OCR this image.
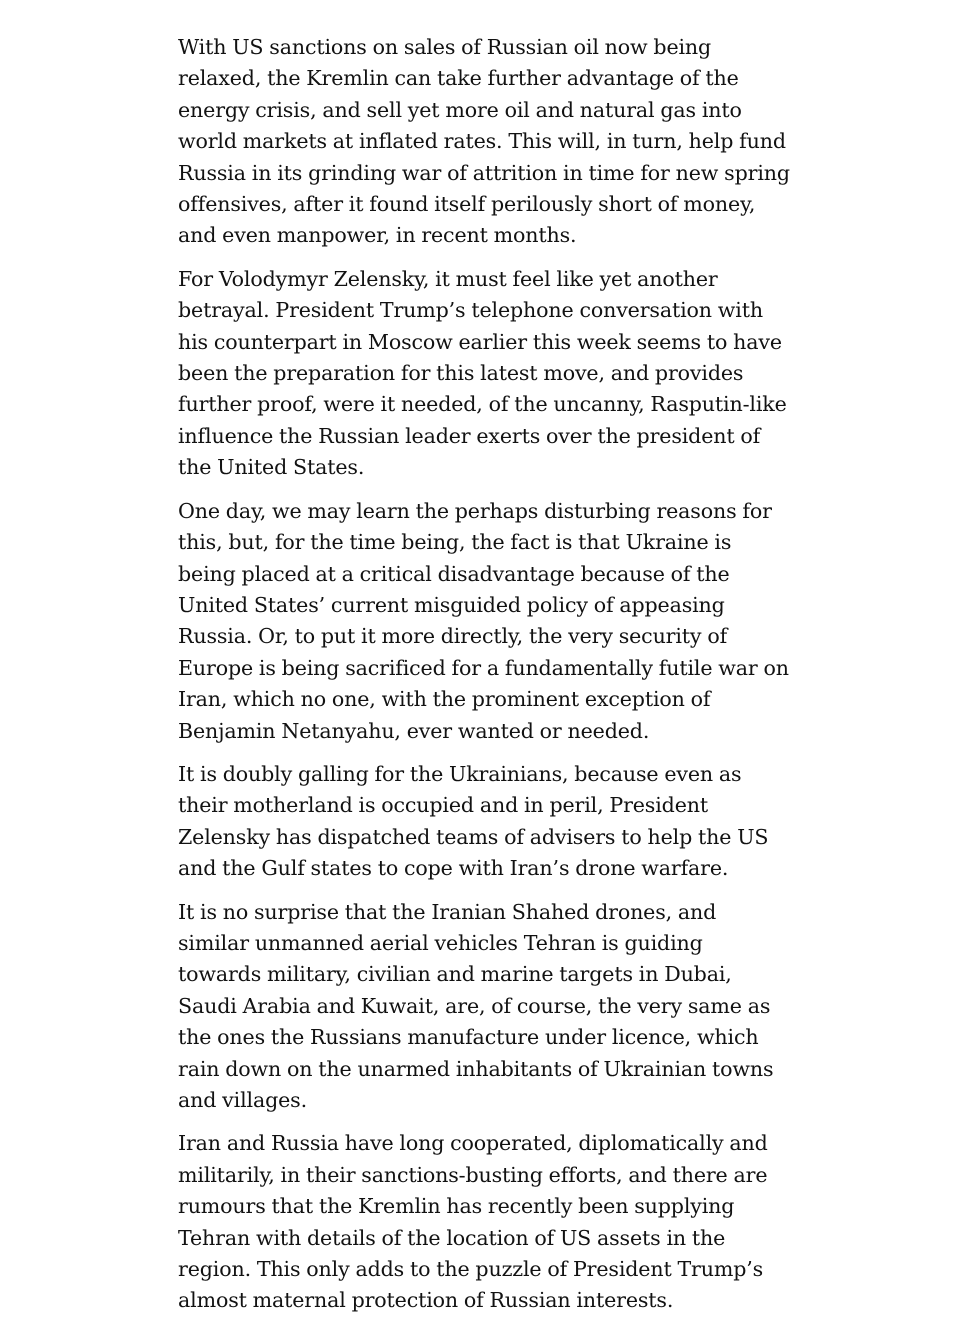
With US sanctions on sales of Russian oil now being relaxed, the Kremlin can take further advantage of the energy crisis, and sell yet more oil and natural gas into world markets at inflated rates. This will, in turn, help fund Russia in its grinding war of attrition in time for new spring offensives, after it found itself perilously short of money, and even manpower, in recent months.

For Volodymyr Zelensky, it must feel like yet another betrayal. President Trump’s telephone conversation with his counterpart in Moscow earlier this week seems to have been the preparation for this latest move, and provides further proof, were it needed, of the uncanny, Rasputin-like influence the Russian leader exerts over the president of the United States.

One day, we may learn the perhaps disturbing reasons for this, but, for the time being, the fact is that Ukraine is being placed at a critical disadvantage because of the United States’ current misguided policy of appeasing Russia. Or, to put it more directly, the very security of Europe is being sacrificed for a fundamentally futile war on Iran, which no one, with the prominent exception of Benjamin Netanyahu, ever wanted or needed.

It is doubly galling for the Ukrainians, because even as their motherland is occupied and in peril, President Zelensky has dispatched teams of advisers to help the US and the Gulf states to cope with Iran’s drone warfare.

It is no surprise that the Iranian Shahed drones, and similar unmanned aerial vehicles Tehran is guiding towards military, civilian and marine targets in Dubai, Saudi Arabia and Kuwait, are, of course, the very same as the ones the Russians manufacture under licence, which rain down on the unarmed inhabitants of Ukrainian towns and villages.

Iran and Russia have long cooperated, diplomatically and militarily, in their sanctions-busting efforts, and there are rumours that the Kremlin has recently been supplying Tehran with details of the location of US assets in the region. This only adds to the puzzle of President Trump’s almost maternal protection of Russian interests.
